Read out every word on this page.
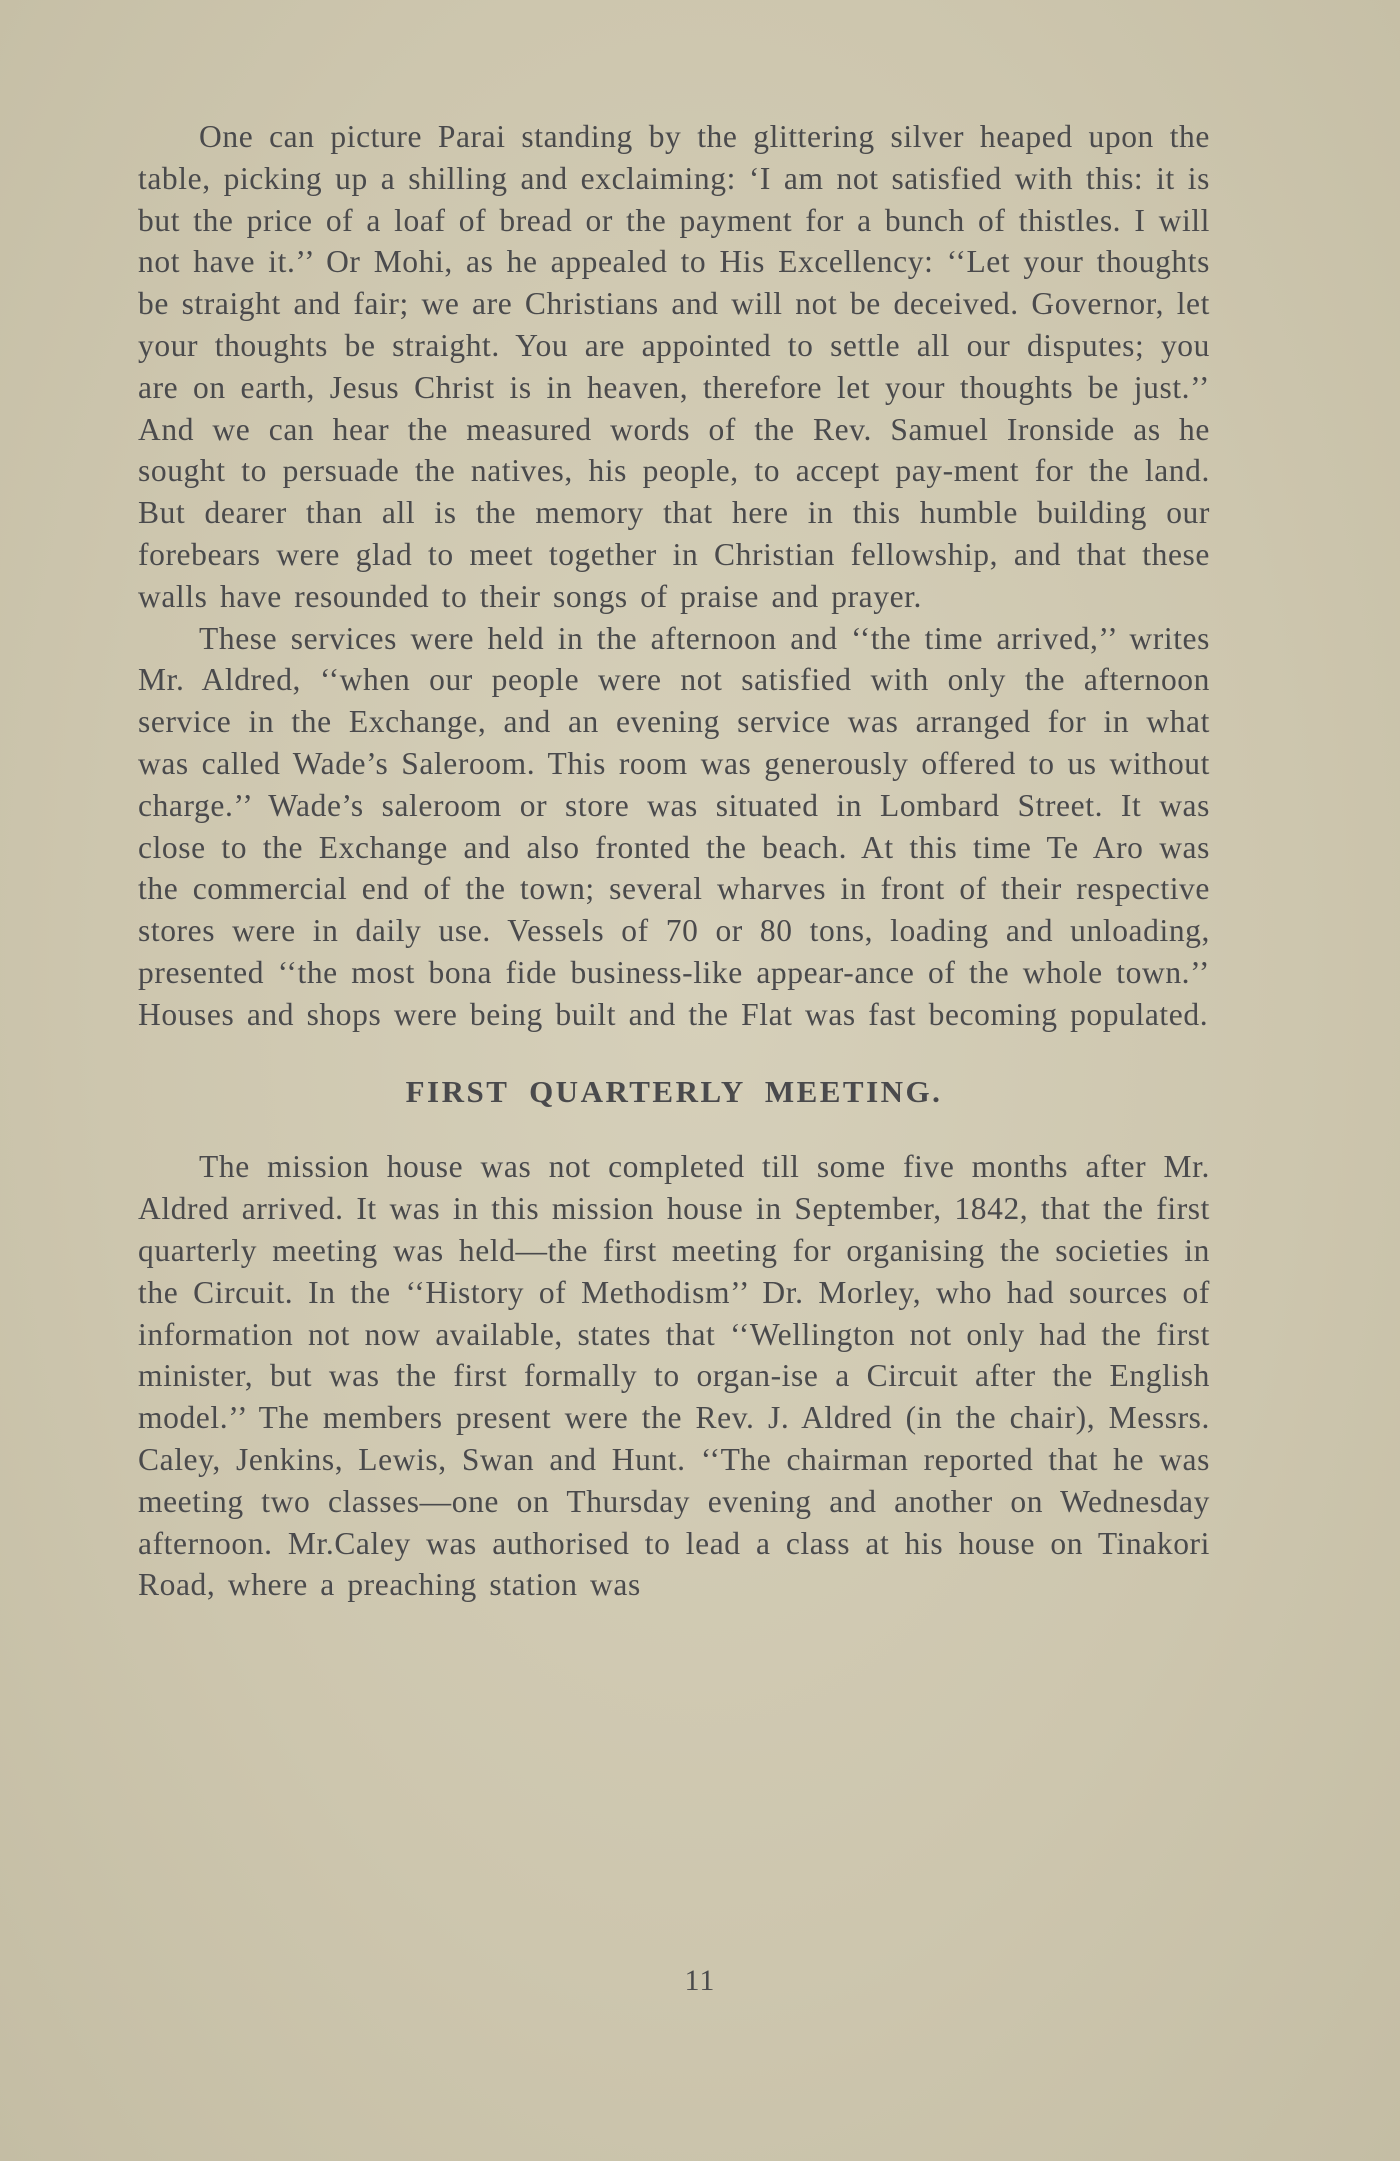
One can picture Parai standing by the glittering silver heaped upon the table, picking up a shilling and exclaiming: ‘I am not satisfied with this: it is but the price of a loaf of bread or the payment for a bunch of thistles. I will not have it.’’ Or Mohi, as he appealed to His Excellency: ‘‘Let your thoughts be straight and fair; we are Christians and will not be deceived. Governor, let your thoughts be straight. You are appointed to settle all our disputes; you are on earth, Jesus Christ is in heaven, therefore let your thoughts be just.’’ And we can hear the measured words of the Rev. Samuel Ironside as he sought to persuade the natives, his people, to accept pay-ment for the land. But dearer than all is the memory that here in this humble building our forebears were glad to meet together in Christian fellowship, and that these walls have resounded to their songs of praise and prayer.

These services were held in the afternoon and ‘‘the time arrived,’’ writes Mr. Aldred, ‘‘when our people were not satisfied with only the afternoon service in the Exchange, and an evening service was arranged for in what was called Wade’s Saleroom. This room was generously offered to us without charge.’’ Wade’s saleroom or store was situated in Lombard Street. It was close to the Exchange and also fronted the beach. At this time Te Aro was the commercial end of the town; several wharves in front of their respective stores were in daily use. Vessels of 70 or 80 tons, loading and unloading, presented ‘‘the most bona fide business-like appear-ance of the whole town.’’ Houses and shops were being built and the Flat was fast becoming populated.

FIRST QUARTERLY MEETING.

The mission house was not completed till some five months after Mr. Aldred arrived. It was in this mission house in September, 1842, that the first quarterly meeting was held—the first meeting for organising the societies in the Circuit. In the ‘‘History of Methodism’’ Dr. Morley, who had sources of information not now available, states that ‘‘Wellington not only had the first minister, but was the first formally to organ-ise a Circuit after the English model.’’ The members present were the Rev. J. Aldred (in the chair), Messrs. Caley, Jenkins, Lewis, Swan and Hunt. ‘‘The chairman reported that he was meeting two classes—one on Thursday evening and another on Wednesday afternoon. Mr.Caley was authorised to lead a class at his house on Tinakori Road, where a preaching station was

11
